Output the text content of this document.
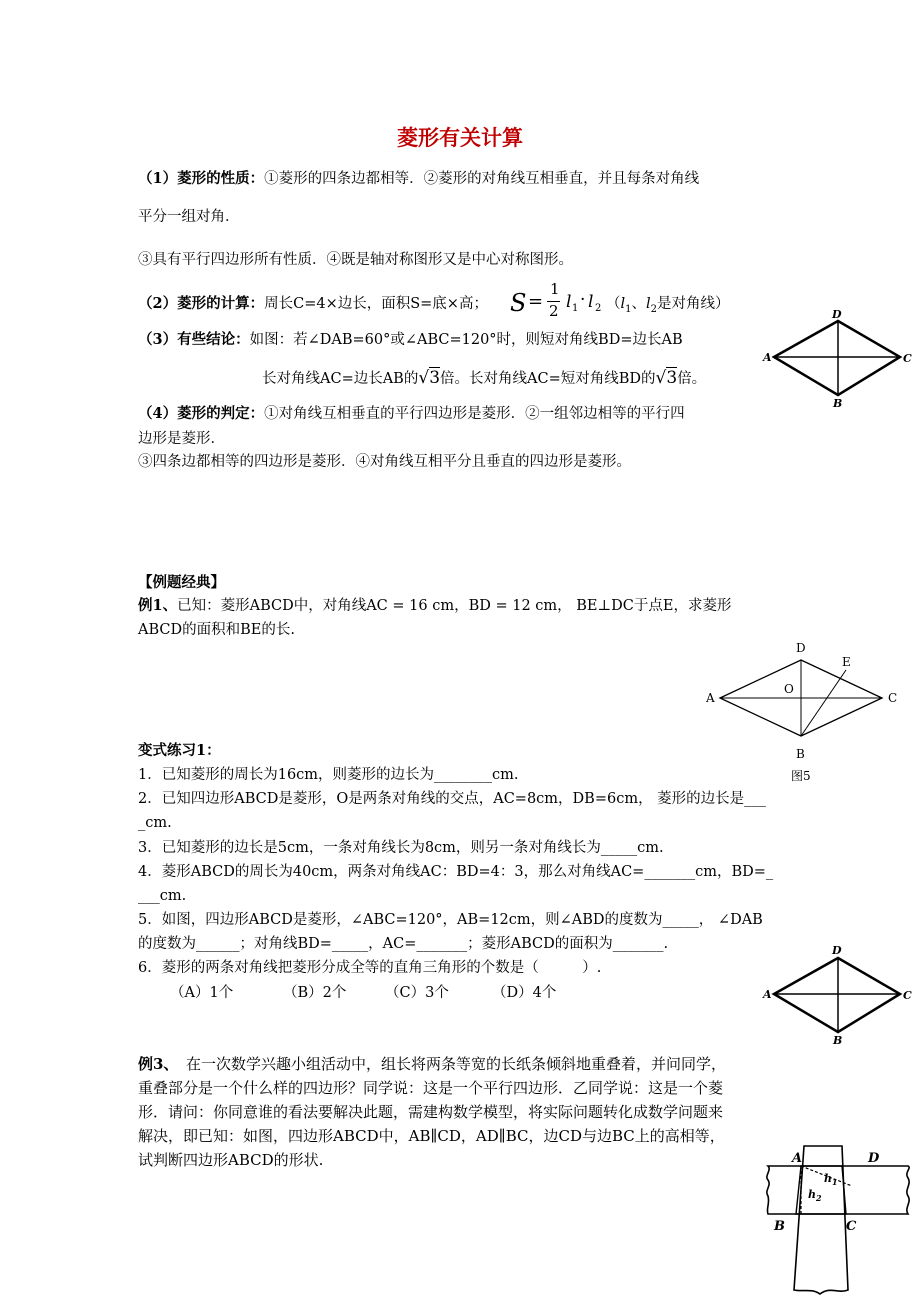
菱形有关计算
（1）菱形的性质：①菱形的四条边都相等．②菱形的对角线互相垂直，并且每条对角线
平分一组对角．
③具有平行四边形所有性质．④既是轴对称图形又是中心对称图形。
（2）菱形的计算：周长C=4×边长，面积S=底×高； S =
1
2 l 1 · l 2 （$l_1$、$l_2$是对角线）
（3）有些结论：如图：若∠DAB=60°或∠ABC=120°时，则短对角线BD=边长AB
长对角线AC=边长AB的√3倍。长对角线AC=短对角线BD的√3倍。
（4）菱形的判定：①对角线互相垂直的平行四边形是菱形．②一组邻边相等的平行四
边形是菱形．
③四条边都相等的四边形是菱形．④对角线互相平分且垂直的四边形是菱形。
【例题经典】
例1、已知：菱形ABCD中，对角线AC = 16 cm，BD = 12 cm， BE⊥DC于点E，求菱形
ABCD的面积和BE的长.
变式练习1：
1．已知菱形的周长为16cm，则菱形的边长为________cm.
2．已知四边形ABCD是菱形，O是两条对角线的交点，AC=8cm，DB=6cm， 菱形的边长是___
_cm.
3．已知菱形的边长是5cm，一条对角线长为8cm，则另一条对角线长为_____cm.
4．菱形ABCD的周长为40cm，两条对角线AC：BD=4：3，那么对角线AC=_______cm，BD=_
___cm.
5．如图，四边形ABCD是菱形，∠ABC=120°，AB=12cm，则∠ABD的度数为_____， ∠DAB
的度数为______；对角线BD=_____，AC=_______；菱形ABCD的面积为_______.
6．菱形的两条对角线把菱形分成全等的直角三角形的个数是（　　　）.
（A）1个	（B）2个	（C）3个	（D）4个
例3、　在一次数学兴趣小组活动中，组长将两条等宽的长纸条倾斜地重叠着，并问同学，
重叠部分是一个什么样的四边形？同学说：这是一个平行四边形．乙同学说：这是一个菱
形．请问：你同意谁的看法要解决此题，需建构数学模型，将实际问题转化成数学问题来
解决，即已知：如图，四边形ABCD中，AB∥CD，AD∥BC，边CD与边BC上的高相等，
试判断四边形ABCD的形状.
D
A	C
B
D
A	C
B
E
O
图5
D
A	C
B
A	D
B	C
$h_1$
$h_2$
